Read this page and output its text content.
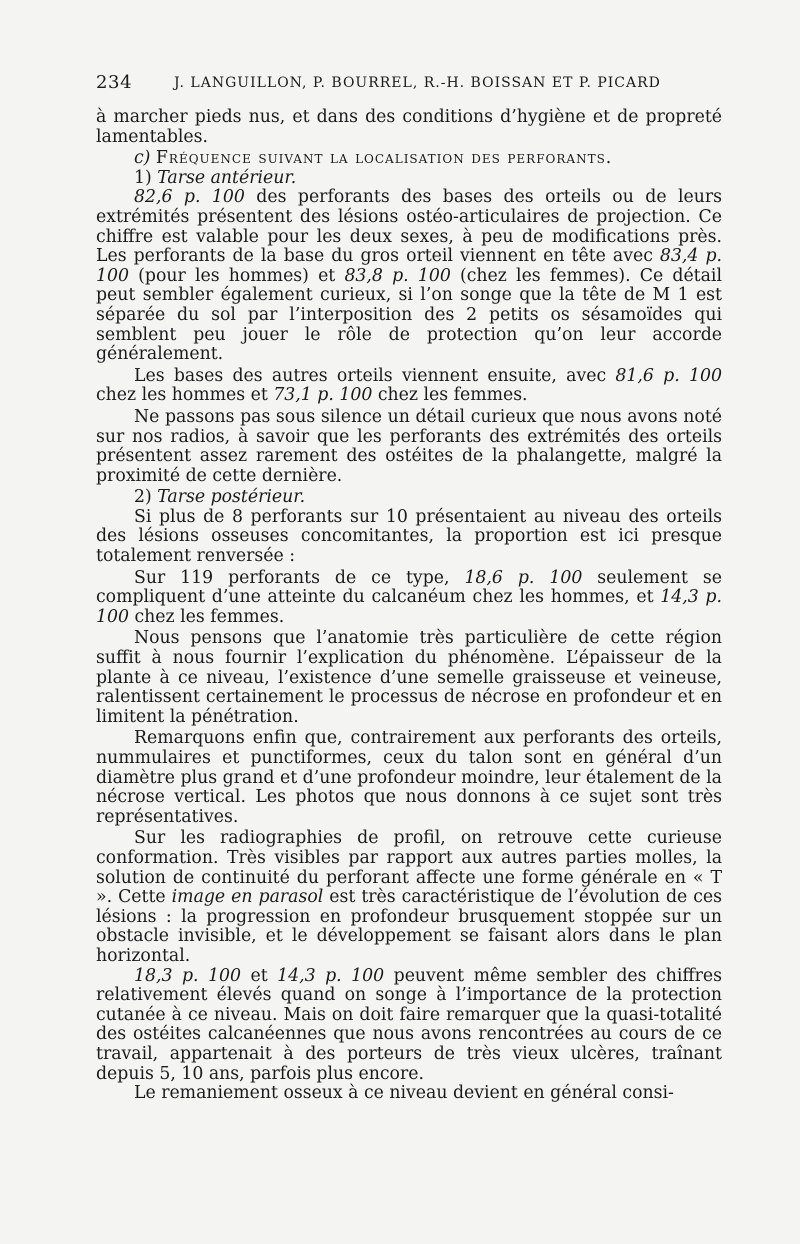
234	J. LANGUILLON, P. BOURREL, R.-H. BOISSAN ET P. PICARD

à marcher pieds nus, et dans des conditions d’hygiène et de propreté lamentables.

c) Fréquence suivant la localisation des perforants.

1) Tarse antérieur.

82,6 p. 100 des perforants des bases des orteils ou de leurs extrémités présentent des lésions ostéo-articulaires de projection. Ce chiffre est valable pour les deux sexes, à peu de modifications près. Les perforants de la base du gros orteil viennent en tête avec 83,4 p. 100 (pour les hommes) et 83,8 p. 100 (chez les femmes). Ce détail peut sembler également curieux, si l’on songe que la tête de M 1 est séparée du sol par l’interposition des 2 petits os sésamoïdes qui semblent peu jouer le rôle de protection qu’on leur accorde généralement.

Les bases des autres orteils viennent ensuite, avec 81,6 p. 100 chez les hommes et 73,1 p. 100 chez les femmes.

Ne passons pas sous silence un détail curieux que nous avons noté sur nos radios, à savoir que les perforants des extrémités des orteils présentent assez rarement des ostéites de la phalangette, malgré la proximité de cette dernière.

2) Tarse postérieur.

Si plus de 8 perforants sur 10 présentaient au niveau des orteils des lésions osseuses concomitantes, la proportion est ici presque totalement renversée :

Sur 119 perforants de ce type, 18,6 p. 100 seulement se compliquent d’une atteinte du calcanéum chez les hommes, et 14,3 p. 100 chez les femmes.

Nous pensons que l’anatomie très particulière de cette région suffit à nous fournir l’explication du phénomène. L’épaisseur de la plante à ce niveau, l’existence d’une semelle graisseuse et veineuse, ralentissent certainement le processus de nécrose en profondeur et en limitent la pénétration.

Remarquons enfin que, contrairement aux perforants des orteils, nummulaires et punctiformes, ceux du talon sont en général d’un diamètre plus grand et d’une profondeur moindre, leur étalement de la nécrose vertical. Les photos que nous donnons à ce sujet sont très représentatives.

Sur les radiographies de profil, on retrouve cette curieuse conformation. Très visibles par rapport aux autres parties molles, la solution de continuité du perforant affecte une forme générale en « T ». Cette image en parasol est très caractéristique de l’évolution de ces lésions : la progression en profondeur brusquement stoppée sur un obstacle invisible, et le développement se faisant alors dans le plan horizontal.

18,3 p. 100 et 14,3 p. 100 peuvent même sembler des chiffres relativement élevés quand on songe à l’importance de la protection cutanée à ce niveau. Mais on doit faire remarquer que la quasi-totalité des ostéites calcanéennes que nous avons rencontrées au cours de ce travail, appartenait à des porteurs de très vieux ulcères, traînant depuis 5, 10 ans, parfois plus encore.

Le remaniement osseux à ce niveau devient en général consi-
